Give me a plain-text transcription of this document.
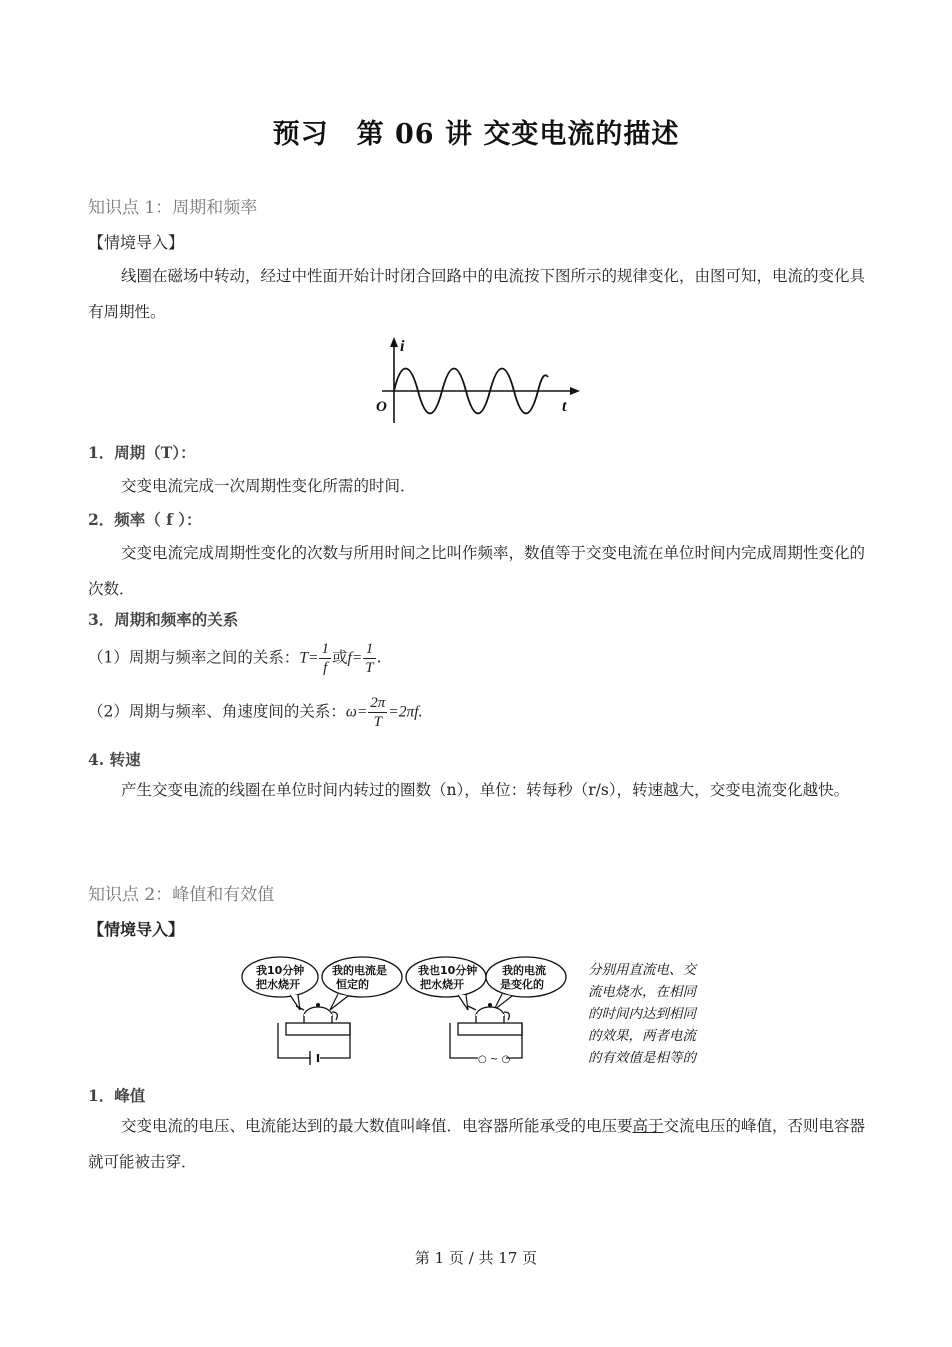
预习　第 06 讲 交变电流的描述
知识点 1：周期和频率
【情境导入】
线圈在磁场中转动，经过中性面开始计时闭合回路中的电流按下图所示的规律变化，由图可知，电流的变化具有周期性。
i
t
O
1．周期（T）：
交变电流完成一次周期性变化所需的时间．
2．频率（ f ）：
交变电流完成周期性变化的次数与所用时间之比叫作频率，数值等于交变电流在单位时间内完成周期性变化的次数．
3．周期和频率的关系
（1）周期与频率之间的关系：$T= \frac{1}{f}$ 或$f= \frac{1}{T}$ .
（2）周期与频率、角速度间的关系：$\omega= \frac{2\pi}{T} =2\pi f$.
4. 转速
产生交变电流的线圈在单位时间内转过的圈数（n），单位：转每秒（r/s），转速越大，交变电流变化越快。
知识点 2：峰值和有效值
【情境导入】
我10分钟
把水烧开
我的电流是
恒定的
我也10分钟
把水烧开
我的电流
是变化的
○ ~ ○
分别用直流电、交
流电烧水，在相同
的时间内达到相同
的效果，两者电流
的有效值是相等的
1．峰值
交变电流的电压、电流能达到的最大数值叫峰值．电容器所能承受的电压要高于交流电压的峰值，否则电容器就可能被击穿．
第 1 页 / 共 17 页
